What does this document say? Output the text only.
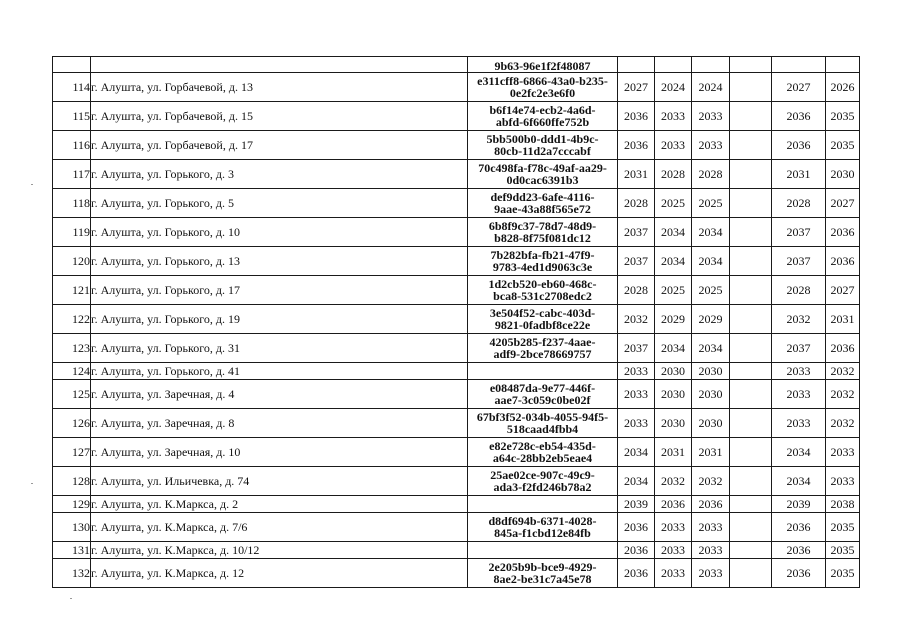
		9b63-96e1f2f48087						

114	г. Алушта, ул. Горбачевой, д. 13	e311cff8-6866-43a0-b235-
0e2fc2e3e6f0	2027	2024	2024		2027	2026
115	г. Алушта, ул. Горбачевой, д. 15	b6f14e74-ecb2-4a6d-
abfd-6f660ffe752b	2036	2033	2033		2036	2035
116	г. Алушта, ул. Горбачевой, д. 17	5bb500b0-ddd1-4b9c-
80cb-11d2a7cccabf	2036	2033	2033		2036	2035
117	г. Алушта, ул. Горького, д. 3	70c498fa-f78c-49af-aa29-
0d0cac6391b3	2031	2028	2028		2031	2030
118	г. Алушта, ул. Горького, д. 5	def9dd23-6afe-4116-
9aae-43a88f565e72	2028	2025	2025		2028	2027
119	г. Алушта, ул. Горького, д. 10	6b8f9c37-78d7-48d9-
b828-8f75f081dc12	2037	2034	2034		2037	2036
120	г. Алушта, ул. Горького, д. 13	7b282bfa-fb21-47f9-
9783-4ed1d9063c3e	2037	2034	2034		2037	2036
121	г. Алушта, ул. Горького, д. 17	1d2cb520-eb60-468c-
bca8-531c2708edc2	2028	2025	2025		2028	2027
122	г. Алушта, ул. Горького, д. 19	3e504f52-cabc-403d-
9821-0fadbf8ce22e	2032	2029	2029		2032	2031
123	г. Алушта, ул. Горького, д. 31	4205b285-f237-4aae-
adf9-2bce78669757	2037	2034	2034		2037	2036
124	г. Алушта, ул. Горького, д. 41		2033	2030	2030		2033	2032
125	г. Алушта, ул. Заречная, д. 4	e08487da-9e77-446f-
aae7-3c059c0be02f	2033	2030	2030		2033	2032
126	г. Алушта, ул. Заречная, д. 8	67bf3f52-034b-4055-94f5-
518caad4fbb4	2033	2030	2030		2033	2032
127	г. Алушта, ул. Заречная, д. 10	e82e728c-eb54-435d-
a64c-28bb2eb5eae4	2034	2031	2031		2034	2033
128	г. Алушта, ул. Ильичевка, д. 74	25ae02ce-907c-49c9-
ada3-f2fd246b78a2	2034	2032	2032		2034	2033
129	г. Алушта, ул. К.Маркса, д. 2		2039	2036	2036		2039	2038
130	г. Алушта, ул. К.Маркса, д. 7/6	d8df694b-6371-4028-
845a-f1cbd12e84fb	2036	2033	2033		2036	2035
131	г. Алушта, ул. К.Маркса, д. 10/12		2036	2033	2033		2036	2035
132	г. Алушта, ул. К.Маркса, д. 12	2e205b9b-bce9-4929-
8ae2-be31c7a45e78	2036	2033	2033		2036	2035
